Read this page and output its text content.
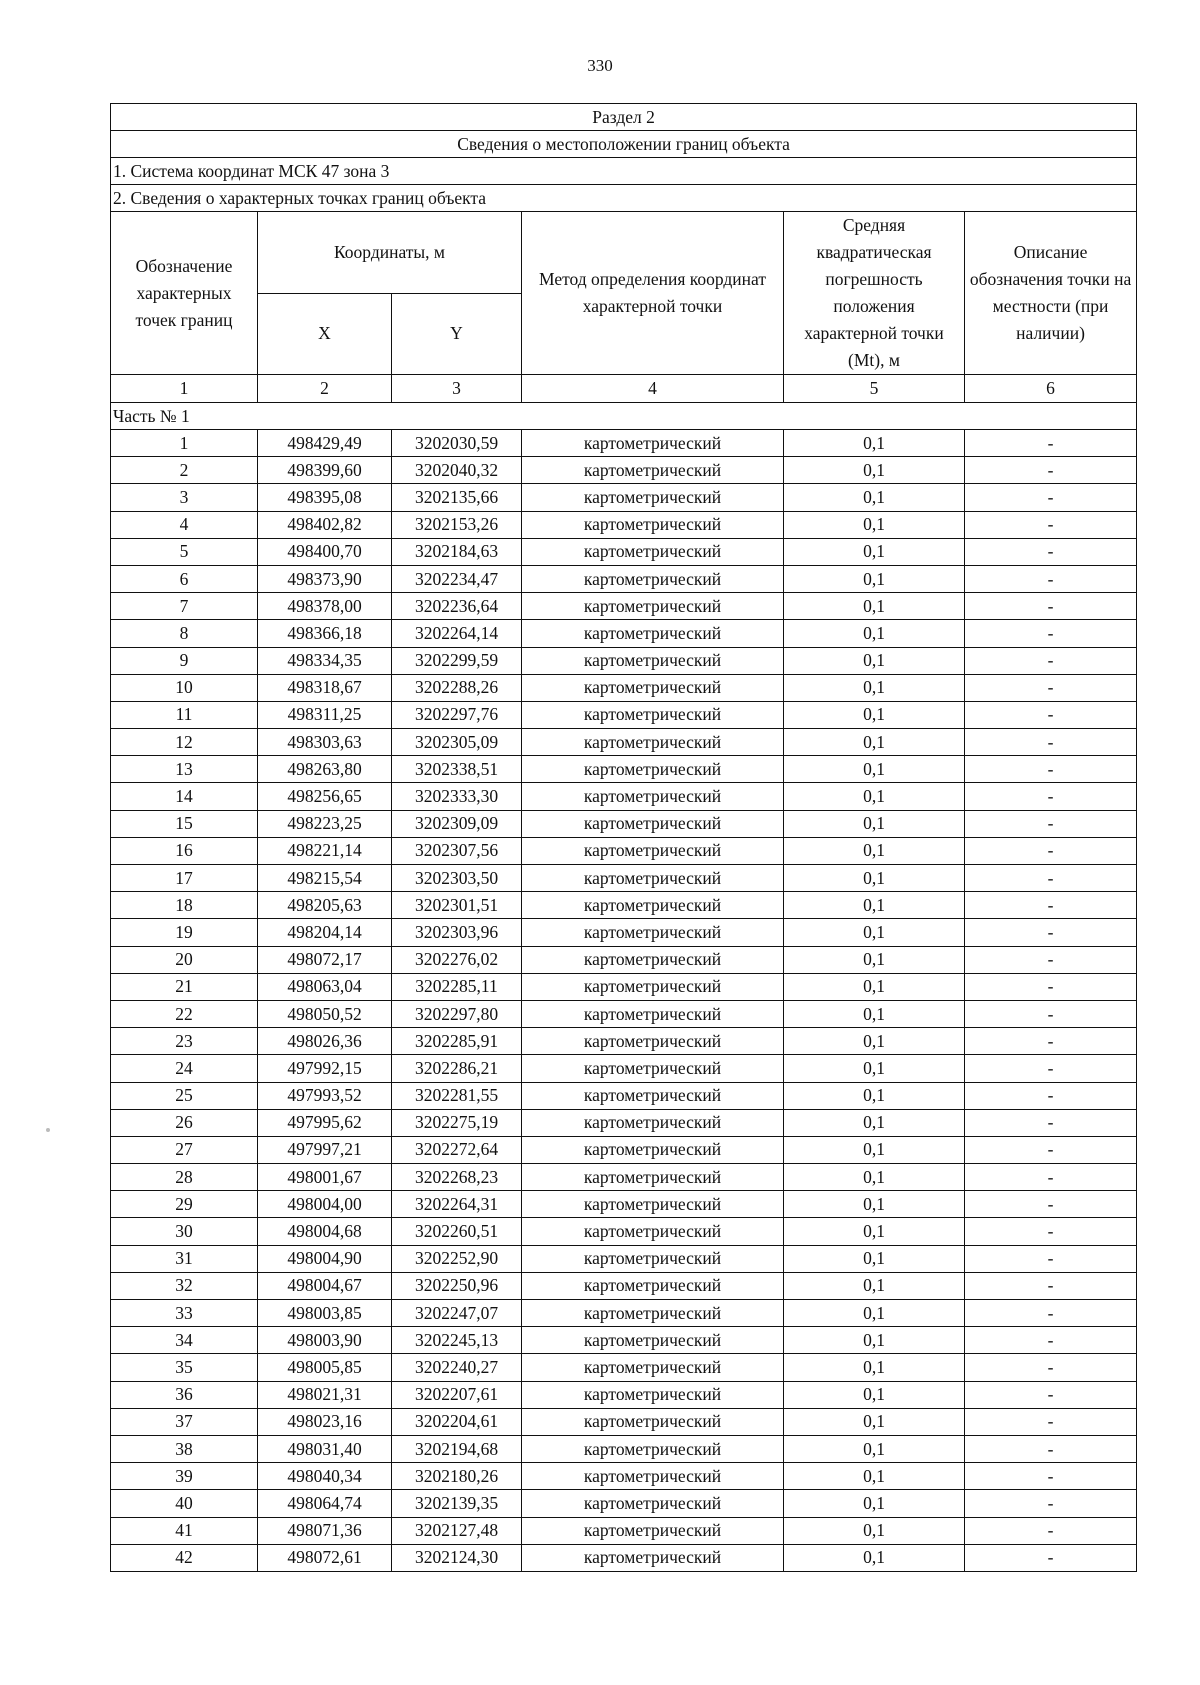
330
Раздел 2					
Сведения о местоположении границ объекта					
1. Система координат МСК 47 зона 3					
2. Сведения о характерных точках границ объекта					
Обозначение характерных точек границ	Координаты, м		Метод определения координат характерной точки	Средняя квадратическая погрешность положения характерной точки (Mt), м	Описание обозначения точки на местности (при наличии)
	X	Y			
1	2	3	4	5	6
Часть № 1					
1	498429,49	3202030,59	картометрический	0,1	-
2	498399,60	3202040,32	картометрический	0,1	-
3	498395,08	3202135,66	картометрический	0,1	-
4	498402,82	3202153,26	картометрический	0,1	-
5	498400,70	3202184,63	картометрический	0,1	-
6	498373,90	3202234,47	картометрический	0,1	-
7	498378,00	3202236,64	картометрический	0,1	-
8	498366,18	3202264,14	картометрический	0,1	-
9	498334,35	3202299,59	картометрический	0,1	-
10	498318,67	3202288,26	картометрический	0,1	-
11	498311,25	3202297,76	картометрический	0,1	-
12	498303,63	3202305,09	картометрический	0,1	-
13	498263,80	3202338,51	картометрический	0,1	-
14	498256,65	3202333,30	картометрический	0,1	-
15	498223,25	3202309,09	картометрический	0,1	-
16	498221,14	3202307,56	картометрический	0,1	-
17	498215,54	3202303,50	картометрический	0,1	-
18	498205,63	3202301,51	картометрический	0,1	-
19	498204,14	3202303,96	картометрический	0,1	-
20	498072,17	3202276,02	картометрический	0,1	-
21	498063,04	3202285,11	картометрический	0,1	-
22	498050,52	3202297,80	картометрический	0,1	-
23	498026,36	3202285,91	картометрический	0,1	-
24	497992,15	3202286,21	картометрический	0,1	-
25	497993,52	3202281,55	картометрический	0,1	-
26	497995,62	3202275,19	картометрический	0,1	-
27	497997,21	3202272,64	картометрический	0,1	-
28	498001,67	3202268,23	картометрический	0,1	-
29	498004,00	3202264,31	картометрический	0,1	-
30	498004,68	3202260,51	картометрический	0,1	-
31	498004,90	3202252,90	картометрический	0,1	-
32	498004,67	3202250,96	картометрический	0,1	-
33	498003,85	3202247,07	картометрический	0,1	-
34	498003,90	3202245,13	картометрический	0,1	-
35	498005,85	3202240,27	картометрический	0,1	-
36	498021,31	3202207,61	картометрический	0,1	-
37	498023,16	3202204,61	картометрический	0,1	-
38	498031,40	3202194,68	картометрический	0,1	-
39	498040,34	3202180,26	картометрический	0,1	-
40	498064,74	3202139,35	картометрический	0,1	-
41	498071,36	3202127,48	картометрический	0,1	-
42	498072,61	3202124,30	картометрический	0,1	-
